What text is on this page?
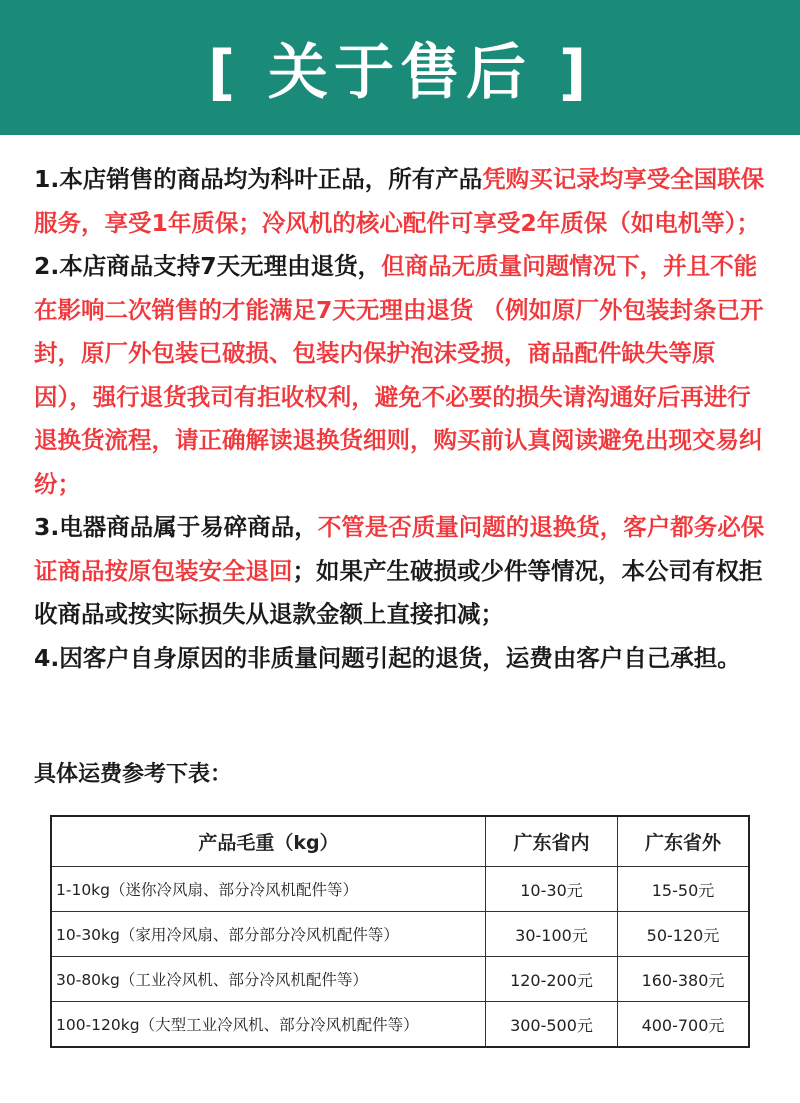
[ 关于售后 ]

1.本店销售的商品均为科叶正品，所有产品凭购买记录均享受全国联保服务，享受1年质保；冷风机的核心配件可享受2年质保（如电机等）；

2.本店商品支持7天无理由退货，但商品无质量问题情况下，并且不能在影响二次销售的才能满足7天无理由退货 （例如原厂外包装封条已开封，原厂外包装已破损、包装内保护泡沫受损，商品配件缺失等原因），强行退货我司有拒收权利，避免不必要的损失请沟通好后再进行退换货流程，请正确解读退换货细则，购买前认真阅读避免出现交易纠纷；

3.电器商品属于易碎商品，不管是否质量问题的退换货，客户都务必保证商品按原包装安全退回；如果产生破损或少件等情况，本公司有权拒收商品或按实际损失从退款金额上直接扣减；

4.因客户自身原因的非质量问题引起的退货，运费由客户自己承担。

具体运费参考下表：
产品毛重（kg）	广东省内	广东省外
1-10kg（迷你冷风扇、部分冷风机配件等）	10-30元	15-50元
10-30kg（家用冷风扇、部分部分冷风机配件等）	30-100元	50-120元
30-80kg（工业冷风机、部分冷风机配件等）	120-200元	160-380元
100-120kg（大型工业冷风机、部分冷风机配件等）	300-500元	400-700元
